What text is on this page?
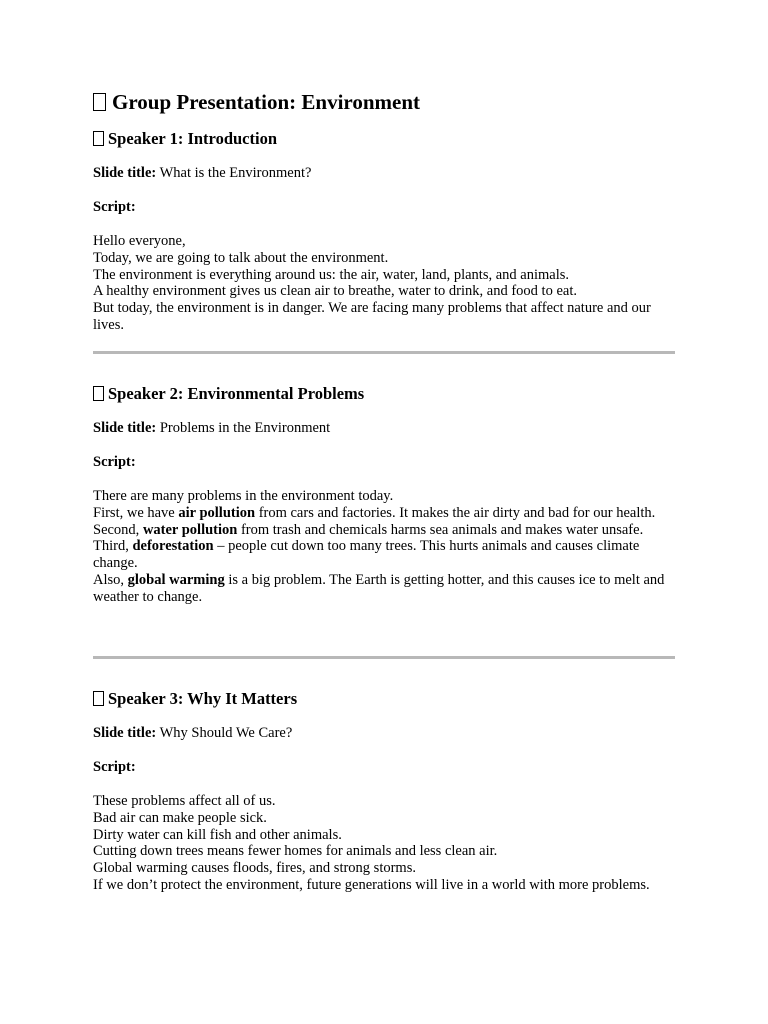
Group Presentation: Environment
Speaker 1: Introduction

Slide title: What is the Environment?

Script:

Hello everyone,
Today, we are going to talk about the environment.
The environment is everything around us: the air, water, land, plants, and animals.
A healthy environment gives us clean air to breathe, water to drink, and food to eat.
But today, the environment is in danger. We are facing many problems that affect nature and our lives.
Speaker 2: Environmental Problems

Slide title: Problems in the Environment

Script:

There are many problems in the environment today.
First, we have air pollution from cars and factories. It makes the air dirty and bad for our health.
Second, water pollution from trash and chemicals harms sea animals and makes water unsafe.
Third, deforestation – people cut down too many trees. This hurts animals and causes climate change.
Also, global warming is a big problem. The Earth is getting hotter, and this causes ice to melt and weather to change.
Speaker 3: Why It Matters

Slide title: Why Should We Care?

Script:

These problems affect all of us.
Bad air can make people sick.
Dirty water can kill fish and other animals.
Cutting down trees means fewer homes for animals and less clean air.
Global warming causes floods, fires, and strong storms.
If we don’t protect the environment, future generations will live in a world with more problems.
